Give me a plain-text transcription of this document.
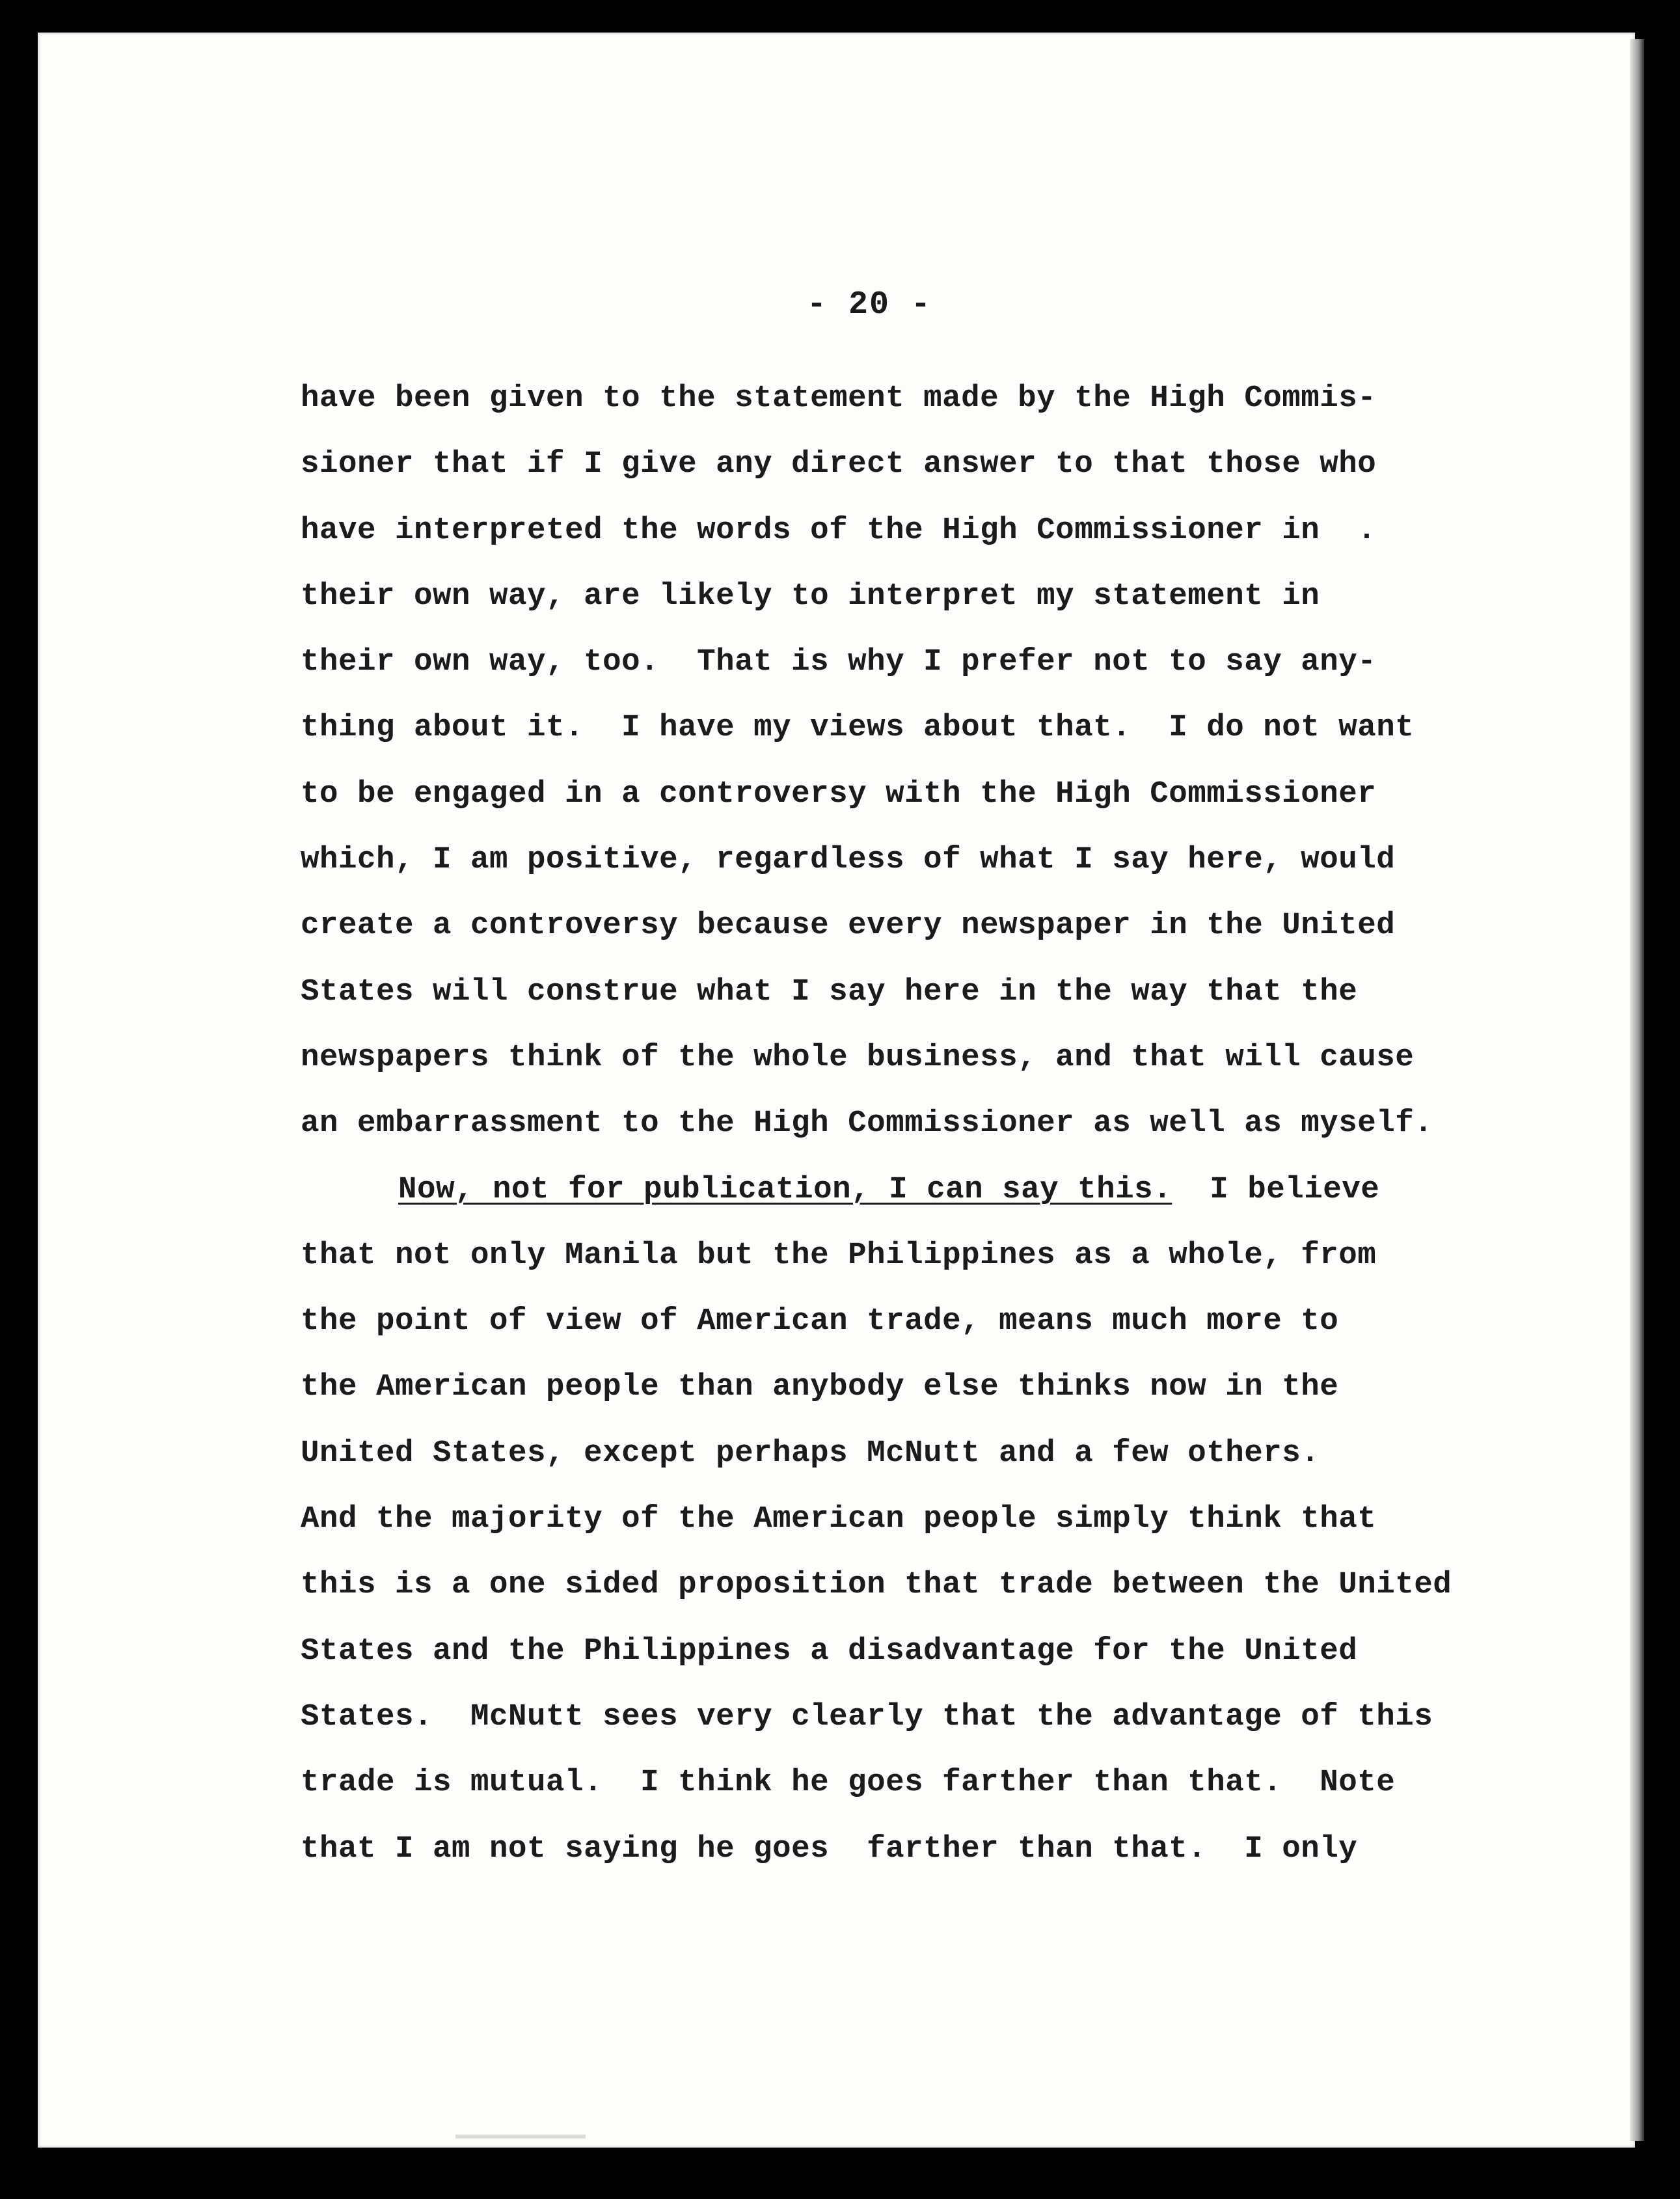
- 20 -

have been given to the statement made by the High Commis-
sioner that if I give any direct answer to that those who
have interpreted the words of the High Commissioner in  .
their own way, are likely to interpret my statement in
their own way, too.  That is why I prefer not to say any-
thing about it.  I have my views about that.  I do not want
to be engaged in a controversy with the High Commissioner
which, I am positive, regardless of what I say here, would
create a controversy because every newspaper in the United
States will construe what I say here in the way that the
newspapers think of the whole business, and that will cause
an embarrassment to the High Commissioner as well as myself.
Now, not for publication, I can say this.  I believe
that not only Manila but the Philippines as a whole, from
the point of view of American trade, means much more to
the American people than anybody else thinks now in the
United States, except perhaps McNutt and a few others.
And the majority of the American people simply think that
this is a one sided proposition that trade between the United
States and the Philippines a disadvantage for the United
States.  McNutt sees very clearly that the advantage of this
trade is mutual.  I think he goes farther than that.  Note
that I am not saying he goes  farther than that.  I only
